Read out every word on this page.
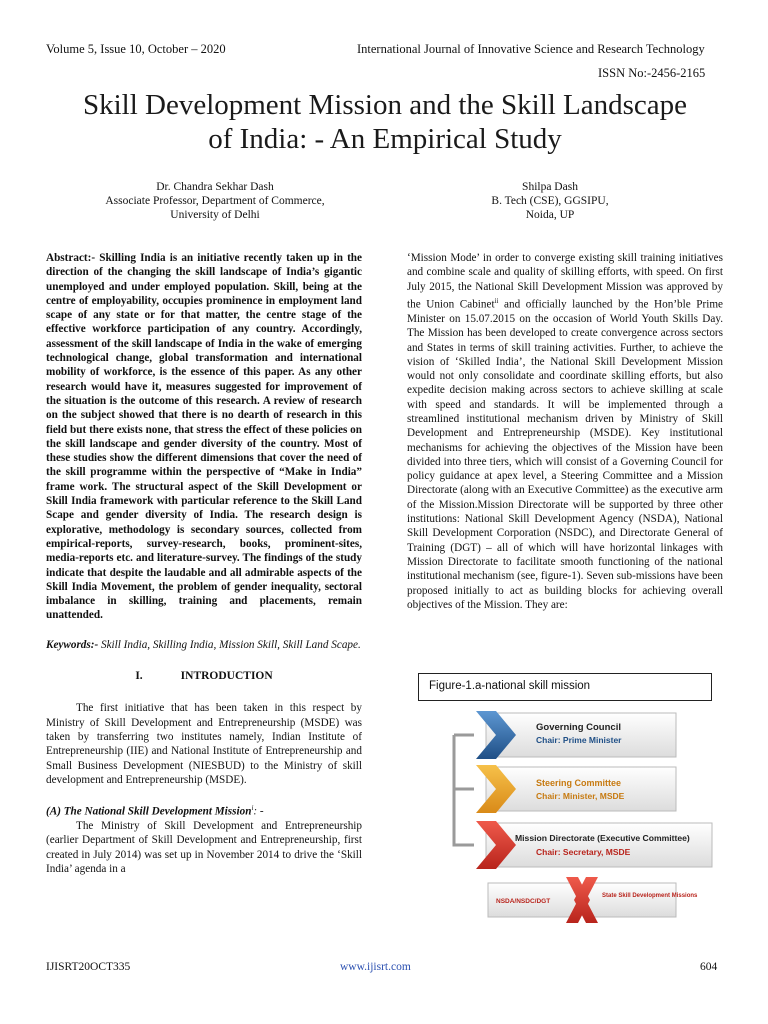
Volume 5, Issue 10, October – 2020	International Journal of Innovative Science and Research Technology
ISSN No:-2456-2165
Skill Development Mission and the Skill Landscape
of India: - An Empirical Study
Dr. Chandra Sekhar Dash
Associate Professor, Department of Commerce,
University of Delhi
Shilpa Dash
B. Tech (CSE), GGSIPU,
Noida, UP

Abstract:- Skilling India is an initiative recently taken up in the direction of the changing the skill landscape of India’s gigantic unemployed and under employed population. Skill, being at the centre of employability, occupies prominence in employment land scape of any state or for that matter, the centre stage of the effective workforce participation of any country. Accordingly, assessment of the skill landscape of India in the wake of emerging technological change, global transformation and international mobility of workforce, is the essence of this paper. As any other research would have it, measures suggested for improvement of the situation is the outcome of this research. A review of research on the subject showed that there is no dearth of research in this field but there exists none, that stress the effect of these policies on the skill landscape and gender diversity of the country. Most of these studies show the different dimensions that cover the need of the skill programme within the perspective of “Make in India” frame work. The structural aspect of the Skill Development or Skill India framework with particular reference to the Skill Land Scape and gender diversity of India. The research design is explorative, methodology is secondary sources, collected from empirical-reports, survey-research, books, prominent-sites, media-reports etc. and literature-survey. The findings of the study indicate that despite the laudable and all admirable aspects of the Skill India Movement, the problem of gender inequality, sectoral imbalance in skilling, training and placements, remain unattended.

Keywords:- Skill India, Skilling India, Mission Skill, Skill Land Scape.

I.	INTRODUCTION

The first initiative that has been taken in this respect by Ministry of Skill Development and Entrepreneurship (MSDE) was taken by transferring two institutes namely, Indian Institute of Entrepreneurship (IIE) and National Institute of Entrepreneurship and Small Business Development (NIESBUD) to the Ministry of skill development and Entrepreneurship (MSDE).

(A) The National Skill Development Mission$^i$: -

The Ministry of Skill Development and Entrepreneurship (earlier Department of Skill Development and Entrepreneurship, first created in July 2014) was set up in November 2014 to drive the ‘Skill India’ agenda in a

‘Mission Mode’ in order to converge existing skill training initiatives and combine scale and quality of skilling efforts, with speed. On first July 2015, the National Skill Development Mission was approved by the Union Cabinet$^{ii}$ and officially launched by the Hon’ble Prime Minister on 15.07.2015 on the occasion of World Youth Skills Day. The Mission has been developed to create convergence across sectors and States in terms of skill training activities. Further, to achieve the vision of ‘Skilled India’, the National Skill Development Mission would not only consolidate and coordinate skilling efforts, but also expedite decision making across sectors to achieve skilling at scale with speed and standards. It will be implemented through a streamlined institutional mechanism driven by Ministry of Skill Development and Entrepreneurship (MSDE). Key institutional mechanisms for achieving the objectives of the Mission have been divided into three tiers, which will consist of a Governing Council for policy guidance at apex level, a Steering Committee and a Mission Directorate (along with an Executive Committee) as the executive arm of the Mission.Mission Directorate will be supported by three other institutions: National Skill Development Agency (NSDA), National Skill Development Corporation (NSDC), and Directorate General of Training (DGT) – all of which will have horizontal linkages with Mission Directorate to facilitate smooth functioning of the national institutional mechanism (see, figure-1). Seven sub-missions have been proposed initially to act as building blocks for achieving overall objectives of the Mission. They are:

Figure-1.a-national skill mission
Governing Council
Chair: Prime Minister
Steering Committee
Chair: Minister, MSDE
Mission Directorate (Executive Committee)
Chair: Secretary, MSDE
NSDA/NSDC/DGT
State Skill Development Missions
IJISRT20OCT335	www.ijisrt.com	604
